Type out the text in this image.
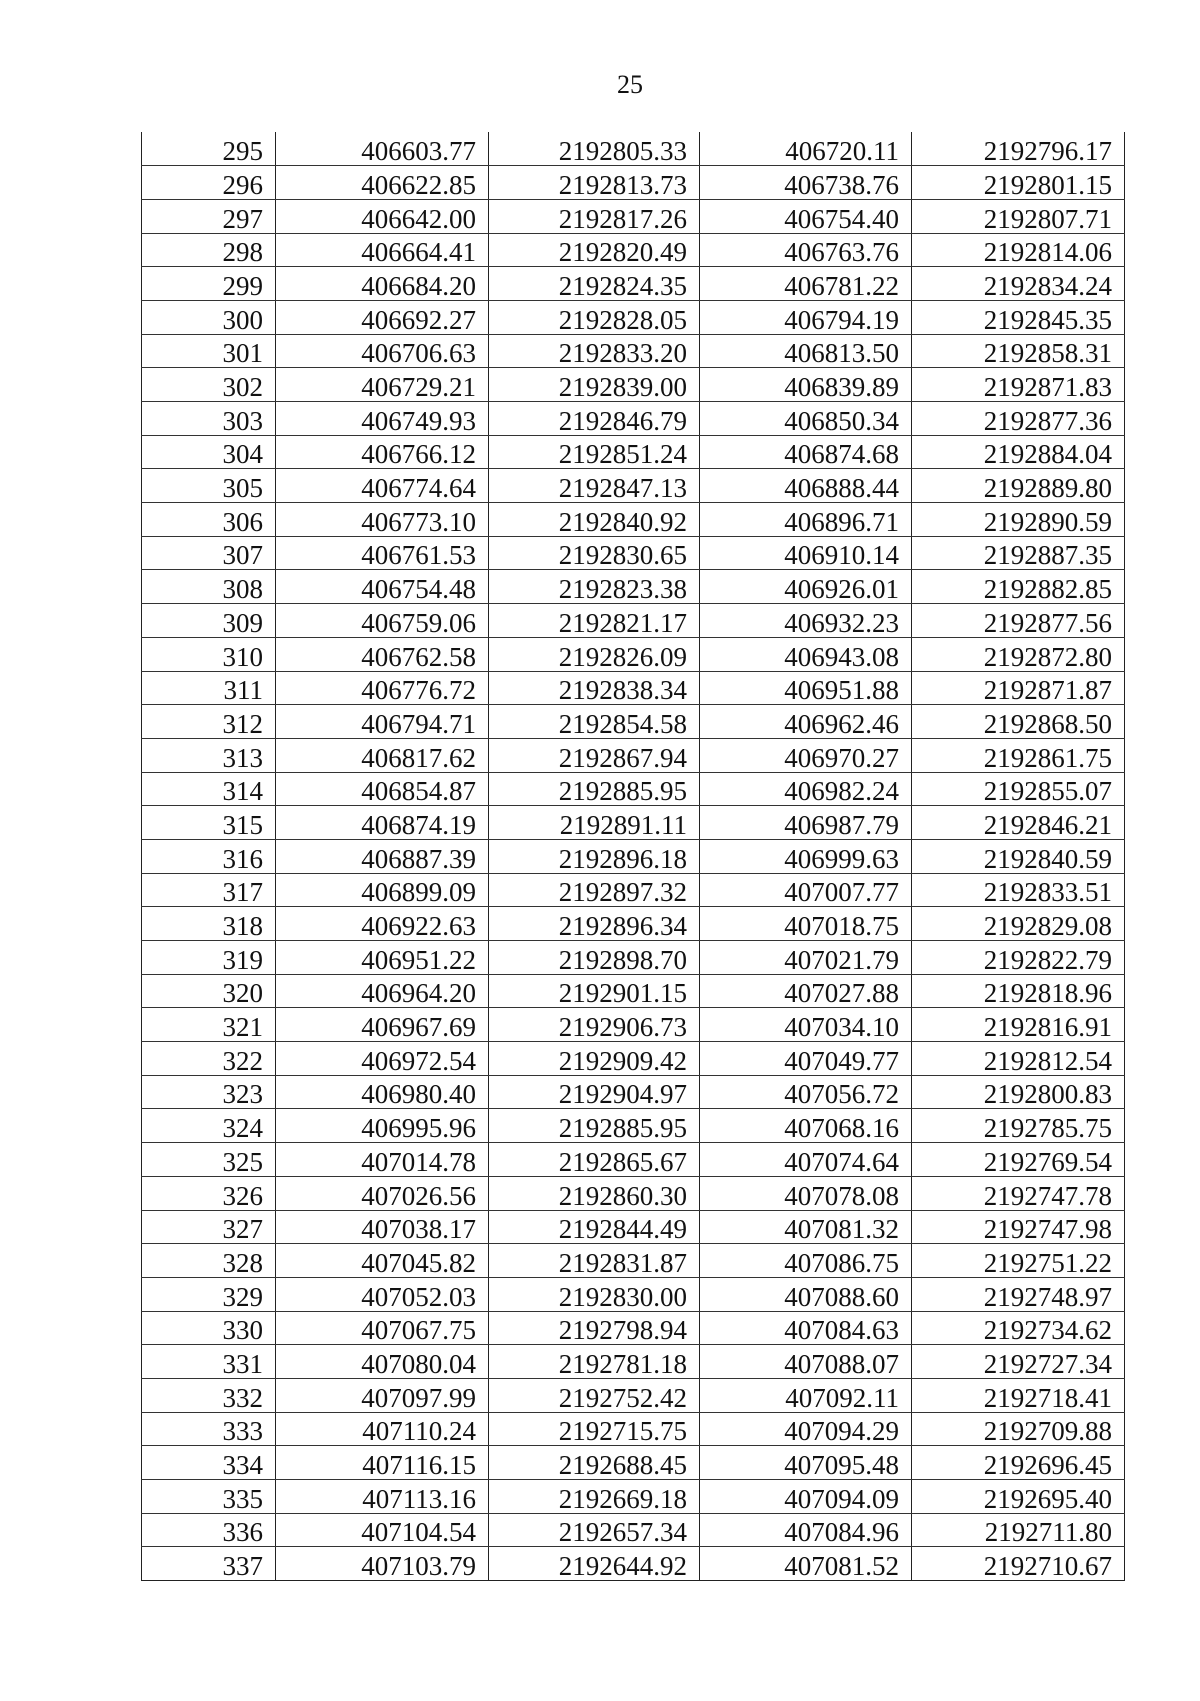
25
295	406603.77	2192805.33	406720.11	2192796.17
296	406622.85	2192813.73	406738.76	2192801.15
297	406642.00	2192817.26	406754.40	2192807.71
298	406664.41	2192820.49	406763.76	2192814.06
299	406684.20	2192824.35	406781.22	2192834.24
300	406692.27	2192828.05	406794.19	2192845.35
301	406706.63	2192833.20	406813.50	2192858.31
302	406729.21	2192839.00	406839.89	2192871.83
303	406749.93	2192846.79	406850.34	2192877.36
304	406766.12	2192851.24	406874.68	2192884.04
305	406774.64	2192847.13	406888.44	2192889.80
306	406773.10	2192840.92	406896.71	2192890.59
307	406761.53	2192830.65	406910.14	2192887.35
308	406754.48	2192823.38	406926.01	2192882.85
309	406759.06	2192821.17	406932.23	2192877.56
310	406762.58	2192826.09	406943.08	2192872.80
311	406776.72	2192838.34	406951.88	2192871.87
312	406794.71	2192854.58	406962.46	2192868.50
313	406817.62	2192867.94	406970.27	2192861.75
314	406854.87	2192885.95	406982.24	2192855.07
315	406874.19	2192891.11	406987.79	2192846.21
316	406887.39	2192896.18	406999.63	2192840.59
317	406899.09	2192897.32	407007.77	2192833.51
318	406922.63	2192896.34	407018.75	2192829.08
319	406951.22	2192898.70	407021.79	2192822.79
320	406964.20	2192901.15	407027.88	2192818.96
321	406967.69	2192906.73	407034.10	2192816.91
322	406972.54	2192909.42	407049.77	2192812.54
323	406980.40	2192904.97	407056.72	2192800.83
324	406995.96	2192885.95	407068.16	2192785.75
325	407014.78	2192865.67	407074.64	2192769.54
326	407026.56	2192860.30	407078.08	2192747.78
327	407038.17	2192844.49	407081.32	2192747.98
328	407045.82	2192831.87	407086.75	2192751.22
329	407052.03	2192830.00	407088.60	2192748.97
330	407067.75	2192798.94	407084.63	2192734.62
331	407080.04	2192781.18	407088.07	2192727.34
332	407097.99	2192752.42	407092.11	2192718.41
333	407110.24	2192715.75	407094.29	2192709.88
334	407116.15	2192688.45	407095.48	2192696.45
335	407113.16	2192669.18	407094.09	2192695.40
336	407104.54	2192657.34	407084.96	2192711.80
337	407103.79	2192644.92	407081.52	2192710.67
